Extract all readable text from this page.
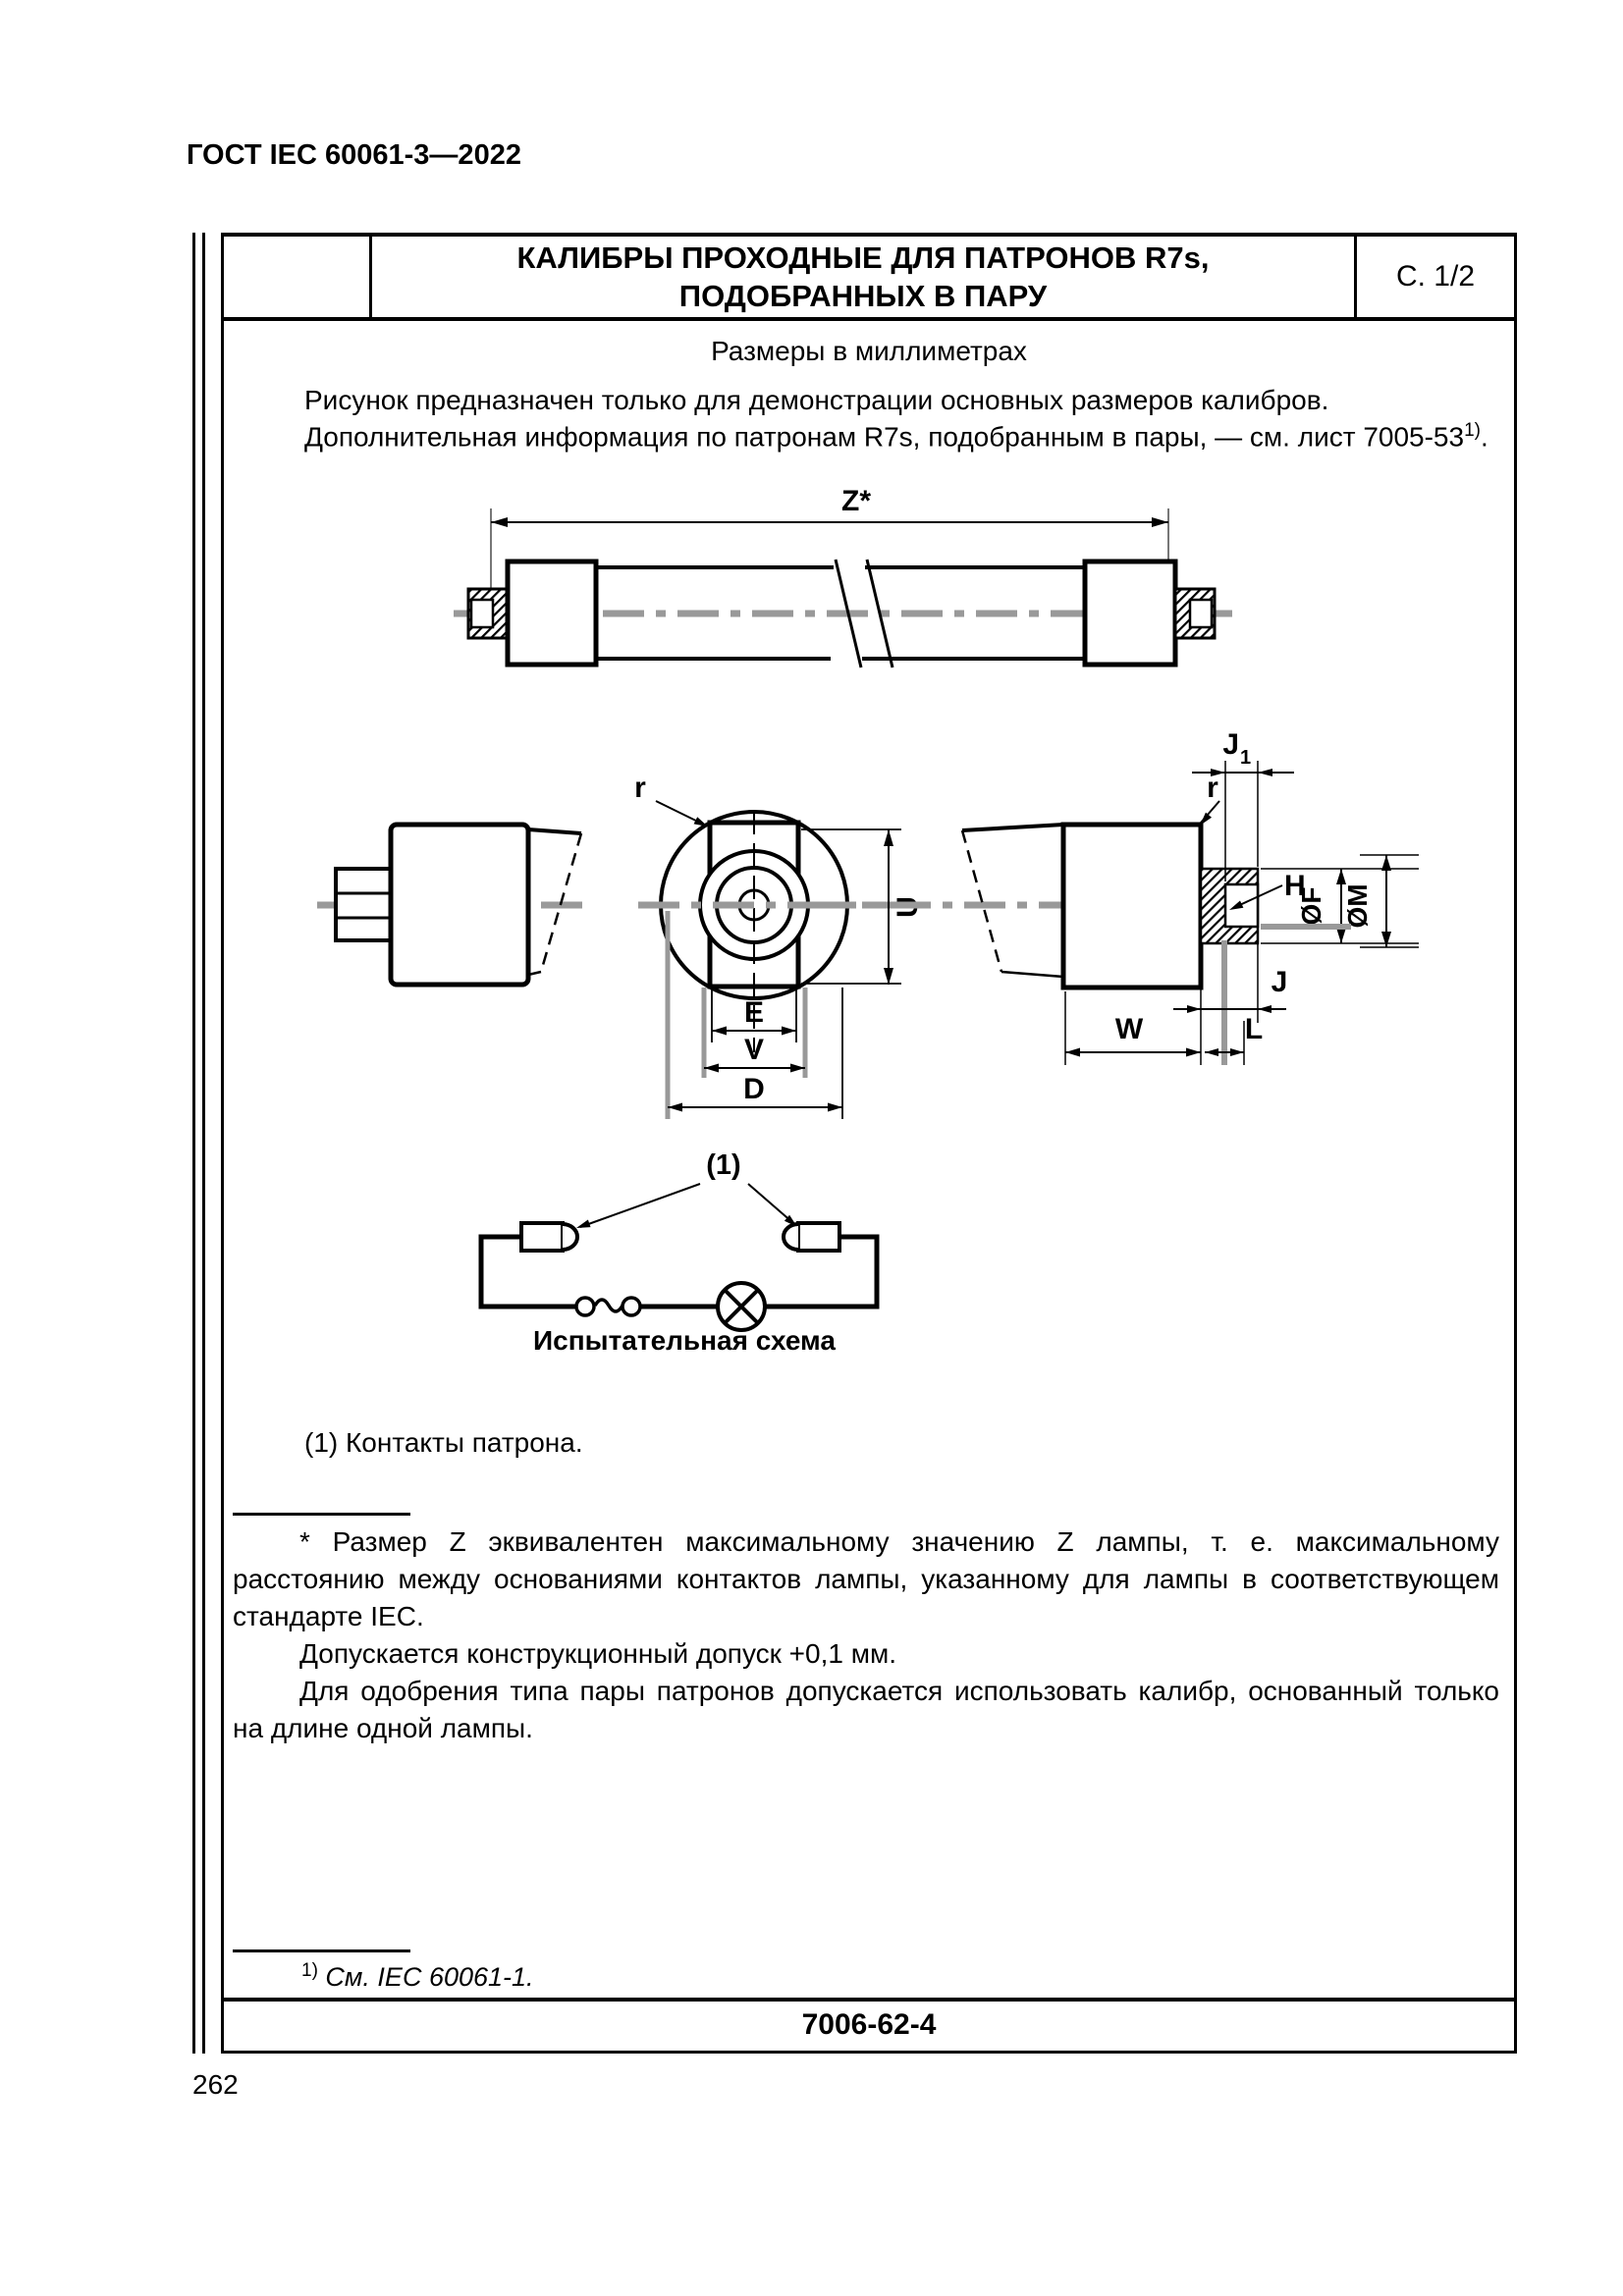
ГОСТ IEC 60061-3—2022
КАЛИБРЫ ПРОХОДНЫЕ ДЛЯ ПАТРОНОВ R7s,
ПОДОБРАННЫХ В ПАРУ
С. 1/2
7006-62-4
Размеры в миллиметрах
Рисунок предназначен только для демонстрации основных размеров калибров.
Дополнительная информация по патронам R7s, подобранным в пары, — см. лист 7005-53$^{1)}$.
Z*
r
U
E
V
D
J 1
r
H
ØF ØM
J
W	L
(1)
Испытательная схема
(1) Контакты патрона.

* Размер Z эквивалентен максимальному значению Z лампы, т. е. максимальному расстоянию между основаниями контактов лампы, указанному для лампы в соответствующем стандарте IEC.

Допускается конструкционный допуск +0,1 мм.

Для одобрения типа пары патронов допускается использовать калибр, основанный только на длине одной лампы.

$^{1)}$ См. IEC 60061-1.
262
